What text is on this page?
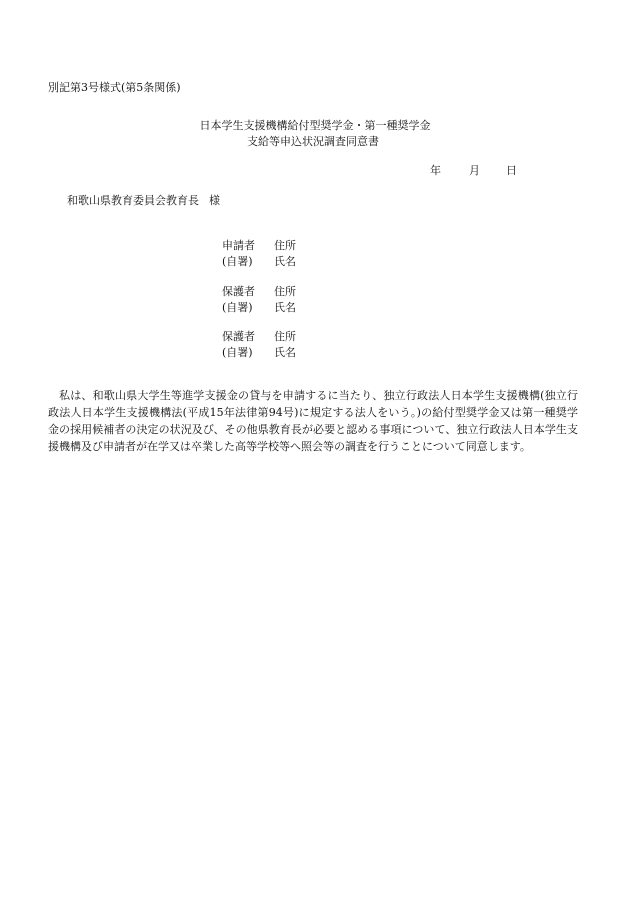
別記第3号様式(第5条関係)
日本学生支援機構給付型奨学金・第一種奨学金
支給等申込状況調査同意書
年	月 日
和歌山県教育委員会教育長 様
申請者 住所
(自署) 氏名
保護者 住所
(自署) 氏名
保護者 住所
(自署) 氏名
私は、和歌山県大学生等進学支援金の貸与を申請するに当たり、独立行政法人日本学生支援機構(独立行政法人日本学生支援機構法(平成15年法律第94号)に規定する法人をいう。)の給付型奨学金又は第一種奨学金の採用候補者の決定の状況及び、その他県教育長が必要と認める事項について、独立行政法人日本学生支援機構及び申請者が在学又は卒業した高等学校等へ照会等の調査を行うことについて同意します。
